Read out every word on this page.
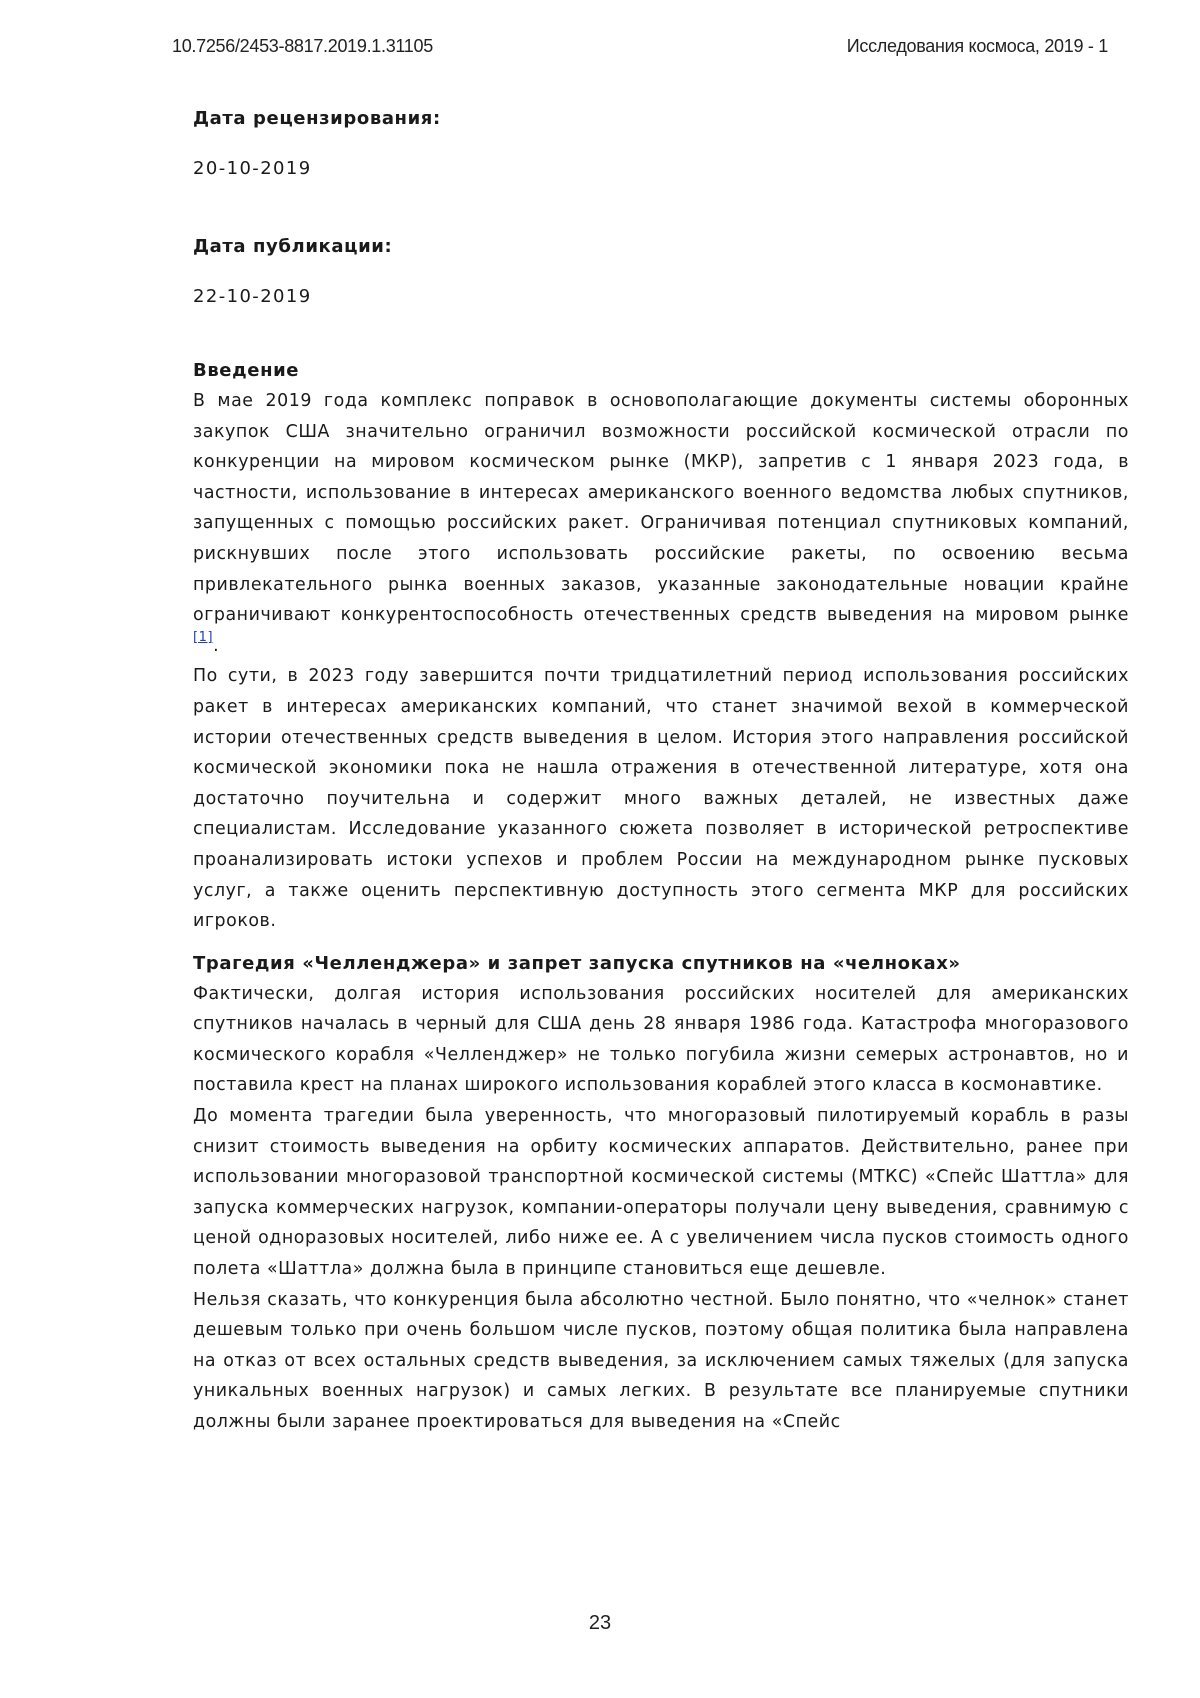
10.7256/2453-8817.2019.1.31105	Исследования космоса, 2019 - 1
Дата рецензирования:
20-10-2019
Дата публикации:
22-10-2019
Введение

В мае 2019 года комплекс поправок в основополагающие документы системы оборонных закупок США значительно ограничил возможности российской космической отрасли по конкуренции на мировом космическом рынке (МКР), запретив с 1 января 2023 года, в частности, использование в интересах американского военного ведомства любых спутников, запущенных с помощью российских ракет. Ограничивая потенциал спутниковых компаний, рискнувших после этого использовать российские ракеты, по освоению весьма привлекательного рынка военных заказов, указанные законодательные новации крайне ограничивают конкурентоспособность отечественных средств выведения на мировом рынке [1].

По сути, в 2023 году завершится почти тридцатилетний период использования российских ракет в интересах американских компаний, что станет значимой вехой в коммерческой истории отечественных средств выведения в целом. История этого направления российской космической экономики пока не нашла отражения в отечественной литературе, хотя она достаточно поучительна и содержит много важных деталей, не известных даже специалистам. Исследование указанного сюжета позволяет в исторической ретроспективе проанализировать истоки успехов и проблем России на международном рынке пусковых услуг, а также оценить перспективную доступность этого сегмента МКР для российских игроков.

Трагедия «Челленджера» и запрет запуска спутников на «челноках»

Фактически, долгая история использования российских носителей для американских спутников началась в черный для США день 28 января 1986 года. Катастрофа многоразового космического корабля «Челленджер» не только погубила жизни семерых астронавтов, но и поставила крест на планах широкого использования кораблей этого класса в космонавтике.

До момента трагедии была уверенность, что многоразовый пилотируемый корабль в разы снизит стоимость выведения на орбиту космических аппаратов. Действительно, ранее при использовании многоразовой транспортной космической системы (МТКС) «Спейс Шаттла» для запуска коммерческих нагрузок, компании-операторы получали цену выведения, сравнимую с ценой одноразовых носителей, либо ниже ее. А с увеличением числа пусков стоимость одного полета «Шаттла» должна была в принципе становиться еще дешевле.

Нельзя сказать, что конкуренция была абсолютно честной. Было понятно, что «челнок» станет дешевым только при очень большом числе пусков, поэтому общая политика была направлена на отказ от всех остальных средств выведения, за исключением самых тяжелых (для запуска уникальных военных нагрузок) и самых легких. В результате все планируемые спутники должны были заранее проектироваться для выведения на «Спейс

23
